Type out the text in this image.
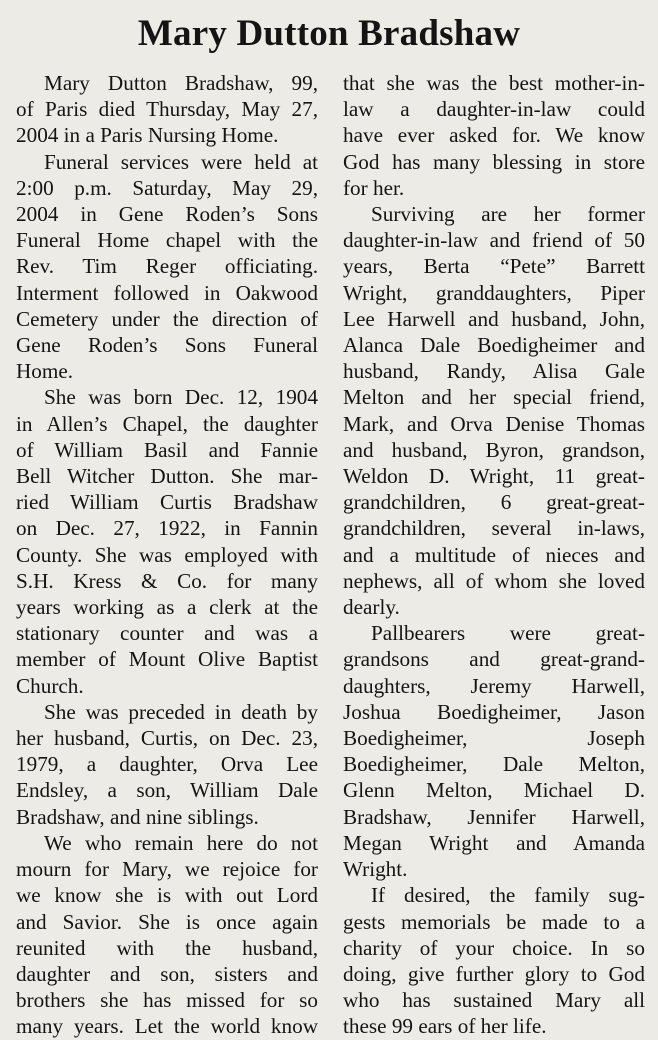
Mary Dutton Bradshaw
Mary Dutton Bradshaw, 99,
of Paris died Thursday, May 27,
2004 in a Paris Nursing Home.
Funeral services were held at
2:00 p.m. Saturday, May 29,
2004 in Gene Roden’s Sons
Funeral Home chapel with the
Rev. Tim Reger officiating.
Interment followed in Oakwood
Cemetery under the direction of
Gene Roden’s Sons Funeral
Home.
She was born Dec. 12, 1904
in Allen’s Chapel, the daughter
of William Basil and Fannie
Bell Witcher Dutton. She mar-
ried William Curtis Bradshaw
on Dec. 27, 1922, in Fannin
County. She was employed with
S.H. Kress & Co. for many
years working as a clerk at the
stationary counter and was a
member of Mount Olive Baptist
Church.
She was preceded in death by
her husband, Curtis, on Dec. 23,
1979, a daughter, Orva Lee
Endsley, a son, William Dale
Bradshaw, and nine siblings.
We who remain here do not
mourn for Mary, we rejoice for
we know she is with out Lord
and Savior. She is once again
reunited with the husband,
daughter and son, sisters and
brothers she has missed for so
many years. Let the world know
that she was the best mother-in-
law a daughter-in-law could
have ever asked for. We know
God has many blessing in store
for her.
Surviving are her former
daughter-in-law and friend of 50
years, Berta “Pete” Barrett
Wright, granddaughters, Piper
Lee Harwell and husband, John,
Alanca Dale Boedigheimer and
husband, Randy, Alisa Gale
Melton and her special friend,
Mark, and Orva Denise Thomas
and husband, Byron, grandson,
Weldon D. Wright, 11 great-
grandchildren, 6 great-great-
grandchildren, several in-laws,
and a multitude of nieces and
nephews, all of whom she loved
dearly.
Pallbearers were great-
grandsons and great-grand-
daughters, Jeremy Harwell,
Joshua Boedigheimer, Jason
Boedigheimer, Joseph
Boedigheimer, Dale Melton,
Glenn Melton, Michael D.
Bradshaw, Jennifer Harwell,
Megan Wright and Amanda
Wright.
If desired, the family sug-
gests memorials be made to a
charity of your choice. In so
doing, give further glory to God
who has sustained Mary all
these 99 ears of her life.
